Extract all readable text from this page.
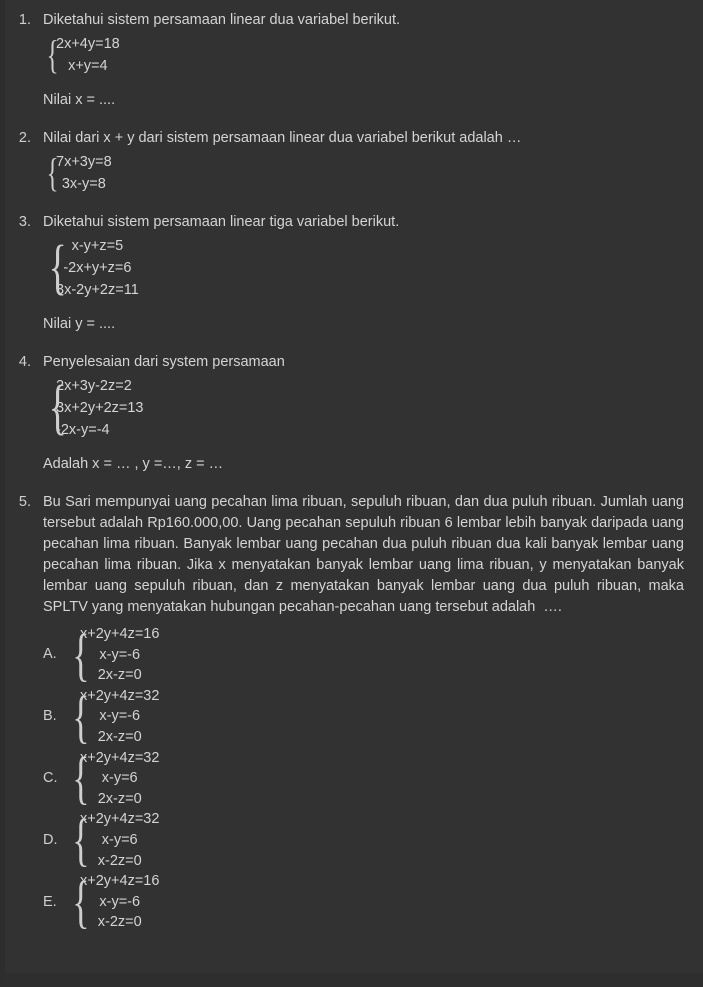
1. Diketahui sistem persamaan linear dua variabel berikut.
{
2x+4y=18
x+y=4
Nilai x = ....
2. Nilai dari x + y dari sistem persamaan linear dua variabel berikut adalah …
{
7x+3y=8
3x-y=8
3. Diketahui sistem persamaan linear tiga variabel berikut.
{ x-y+z=5
-2x+y+z=6
3x-2y+2z=11
Nilai y = ....
4. Penyelesaian dari system persamaan
{
2x+3y-2z=2
3x+2y+2z=13
-2x-y=-4
Adalah x = … , y =…, z = …
5. Bu Sari mempunyai uang pecahan lima ribuan, sepuluh ribuan, dan dua puluh ribuan. Jumlah uang tersebut adalah Rp160.000,00. Uang pecahan sepuluh ribuan 6 lembar lebih banyak daripada uang pecahan lima ribuan. Banyak lembar uang pecahan dua puluh ribuan dua kali banyak lembar uang pecahan lima ribuan. Jika x menyatakan banyak lembar uang lima ribuan, y menyatakan banyak lembar uang sepuluh ribuan, dan z menyatakan banyak lembar uang dua puluh ribuan, maka SPLTV yang menyatakan hubungan pecahan-pecahan uang tersebut adalah  ….
A. {
x+2y+4z=16
x-y=-6
2x-z=0
B. {
x+2y+4z=32
x-y=-6
2x-z=0
C. {
x+2y+4z=32
x-y=6
2x-z=0
D. {
x+2y+4z=32
x-y=6
x-2z=0
E. {
x+2y+4z=16
x-y=-6
x-2z=0
